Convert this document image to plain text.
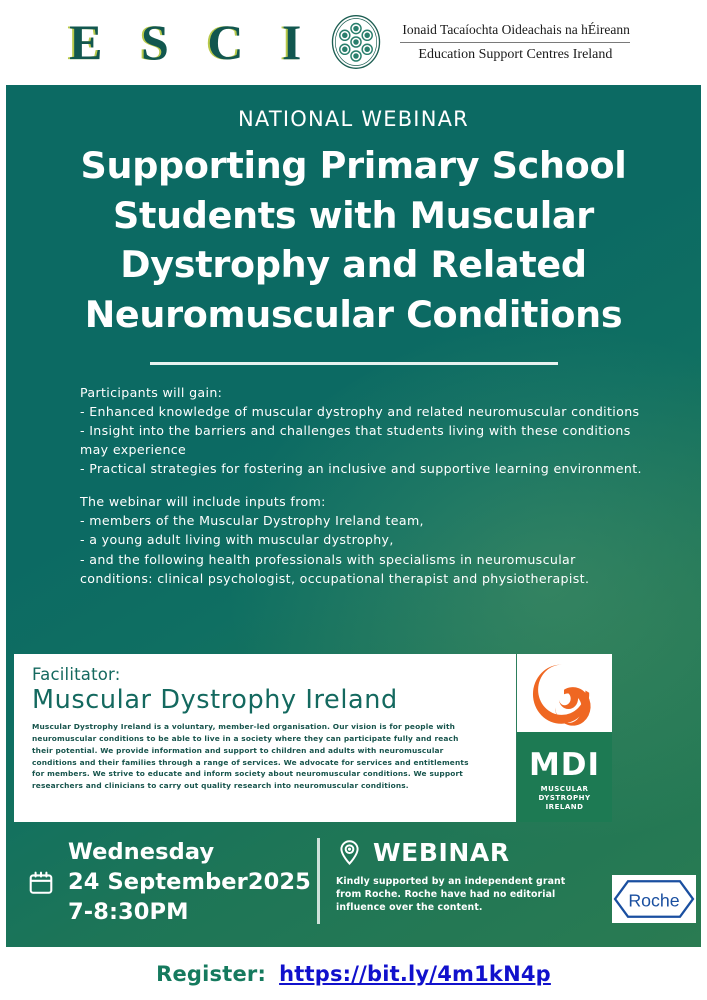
E S C I	Ionaid Tacaíochta Oideachais na hÉireann
Education Support Centres Ireland
NATIONAL WEBINAR
Supporting Primary School Students with Muscular Dystrophy and Related Neuromuscular Conditions

Participants will gain:

- Enhanced knowledge of muscular dystrophy and related neuromuscular conditions

- Insight into the barriers and challenges that students living with these conditions may experience

- Practical strategies for fostering an inclusive and supportive learning environment.

The webinar will include inputs from:

- members of the Muscular Dystrophy Ireland team,

- a young adult living with muscular dystrophy,

- and the following health professionals with specialisms in neuromuscular conditions: clinical psychologist, occupational therapist and physiotherapist.

Facilitator:
Muscular Dystrophy Ireland
Muscular Dystrophy Ireland is a voluntary, member-led organisation. Our vision is for people with neuromuscular conditions to be able to live in a society where they can participate fully and reach their potential. We provide information and support to children and adults with neuromuscular conditions and their families through a range of services. We advocate for services and entitlements for members. We strive to educate and inform society about neuromuscular conditions. We support researchers and clinicians to carry out quality research into neuromuscular conditions.
MDI
MUSCULAR DYSTROPHY
IRELAND
Wednesday
24 September2025
7-8:30PM
WEBINAR
Kindly supported by an independent grant from Roche. Roche have had no editorial influence over the content.	Roche
Register: https://bit.ly/4m1kN4p
